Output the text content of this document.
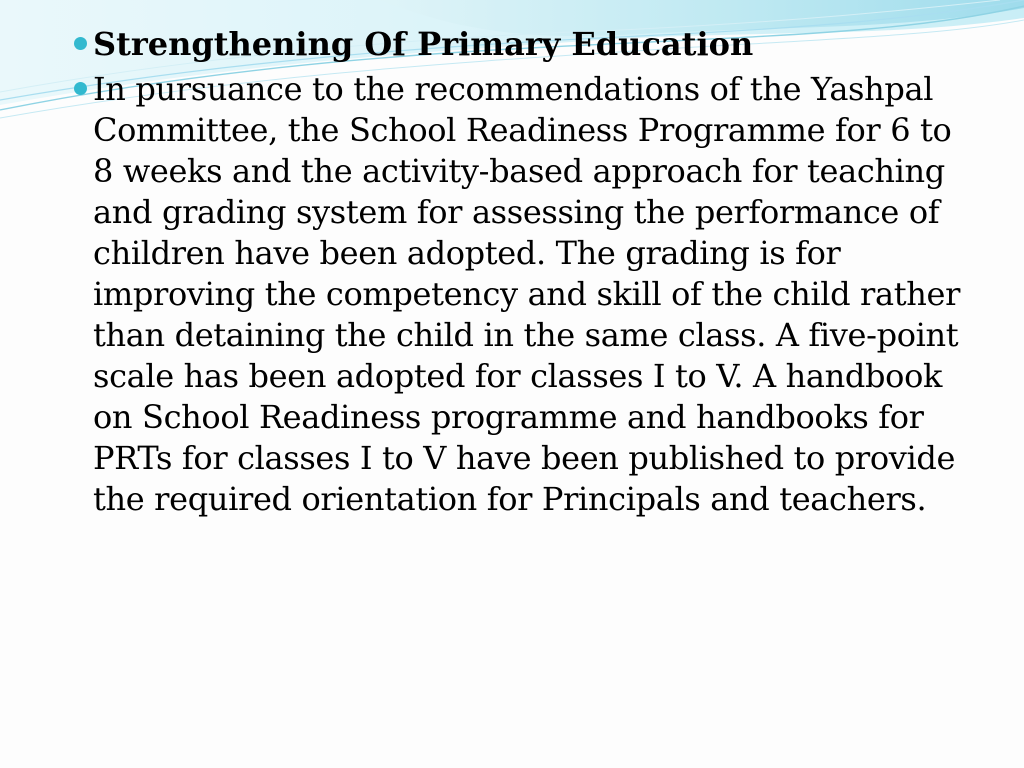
Strengthening Of Primary Education

In pursuance to the recommendations of the Yashpal Committee, the School Readiness Programme for 6 to 8 weeks and the activity-based approach for teaching and grading system for assessing the performance of children have been adopted. The grading is for improving the competency and skill of the child rather than detaining the child in the same class. A five-point scale has been adopted for classes I to V. A handbook on School Readiness programme and handbooks for PRTs for classes I to V have been published to provide the required orientation for Principals and teachers.
